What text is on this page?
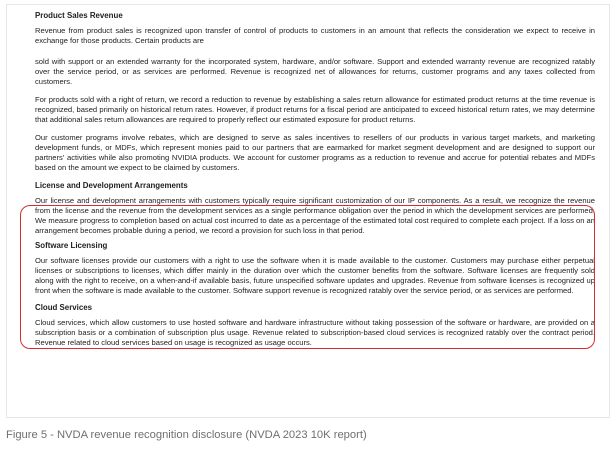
Product Sales Revenue

Revenue from product sales is recognized upon transfer of control of products to customers in an amount that reflects the consideration we expect to receive in exchange for those products. Certain products are

sold with support or an extended warranty for the incorporated system, hardware, and/or software. Support and extended warranty revenue are recognized ratably over the service period, or as services are performed. Revenue is recognized net of allowances for returns, customer programs and any taxes collected from customers.

For products sold with a right of return, we record a reduction to revenue by establishing a sales return allowance for estimated product returns at the time revenue is recognized, based primarily on historical return rates. However, if product returns for a fiscal period are anticipated to exceed historical return rates, we may determine that additional sales return allowances are required to properly reflect our estimated exposure for product returns.

Our customer programs involve rebates, which are designed to serve as sales incentives to resellers of our products in various target markets, and marketing development funds, or MDFs, which represent monies paid to our partners that are earmarked for market segment development and are designed to support our partners' activities while also promoting NVIDIA products. We account for customer programs as a reduction to revenue and accrue for potential rebates and MDFs based on the amount we expect to be claimed by customers.

License and Development Arrangements

Our license and development arrangements with customers typically require significant customization of our IP components. As a result, we recognize the revenue from the license and the revenue from the development services as a single performance obligation over the period in which the development services are performed. We measure progress to completion based on actual cost incurred to date as a percentage of the estimated total cost required to complete each project. If a loss on an arrangement becomes probable during a period, we record a provision for such loss in that period.

Software Licensing

Our software licenses provide our customers with a right to use the software when it is made available to the customer. Customers may purchase either perpetual licenses or subscriptions to licenses, which differ mainly in the duration over which the customer benefits from the software. Software licenses are frequently sold along with the right to receive, on a when-and-if available basis, future unspecified software updates and upgrades. Revenue from software licenses is recognized up front when the software is made available to the customer. Software support revenue is recognized ratably over the service period, or as services are performed.

Cloud Services

Cloud services, which allow customers to use hosted software and hardware infrastructure without taking possession of the software or hardware, are provided on a subscription basis or a combination of subscription plus usage. Revenue related to subscription-based cloud services is recognized ratably over the contract period. Revenue related to cloud services based on usage is recognized as usage occurs.

Figure 5 - NVDA revenue recognition disclosure (NVDA 2023 10K report)
